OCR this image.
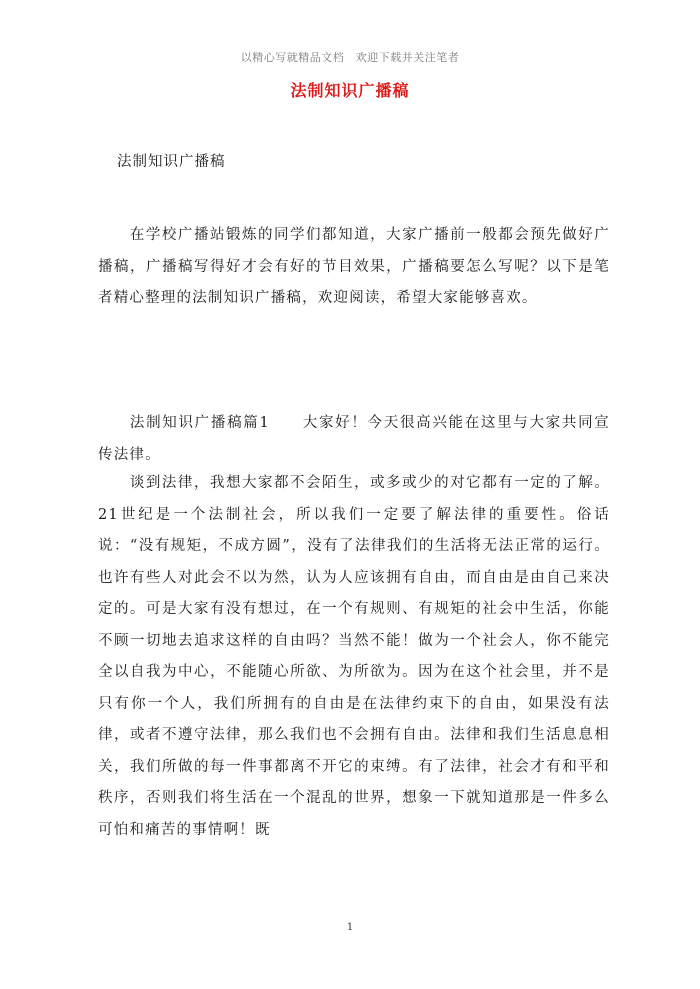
以精心写就精品文档　欢迎下载并关注笔者
法制知识广播稿
法制知识广播稿

在学校广播站锻炼的同学们都知道，大家广播前一般都会预先做好广播稿，广播稿写得好才会有好的节目效果，广播稿要怎么写呢？以下是笔者精心整理的法制知识广播稿，欢迎阅读，希望大家能够喜欢。

法制知识广播稿篇1　　大家好！今天很高兴能在这里与大家共同宣传法律。

谈到法律，我想大家都不会陌生，或多或少的对它都有一定的了解。21世纪是一个法制社会，所以我们一定要了解法律的重要性。俗话说：“没有规矩，不成方圆”，没有了法律我们的生活将无法正常的运行。也许有些人对此会不以为然，认为人应该拥有自由，而自由是由自己来决定的。可是大家有没有想过，在一个有规则、有规矩的社会中生活，你能不顾一切地去追求这样的自由吗？当然不能！做为一个社会人，你不能完全以自我为中心，不能随心所欲、为所欲为。因为在这个社会里，并不是只有你一个人，我们所拥有的自由是在法律约束下的自由，如果没有法律，或者不遵守法律，那么我们也不会拥有自由。法律和我们生活息息相关，我们所做的每一件事都离不开它的束缚。有了法律，社会才有和平和秩序，否则我们将生活在一个混乱的世界，想象一下就知道那是一件多么可怕和痛苦的事情啊！既

1
